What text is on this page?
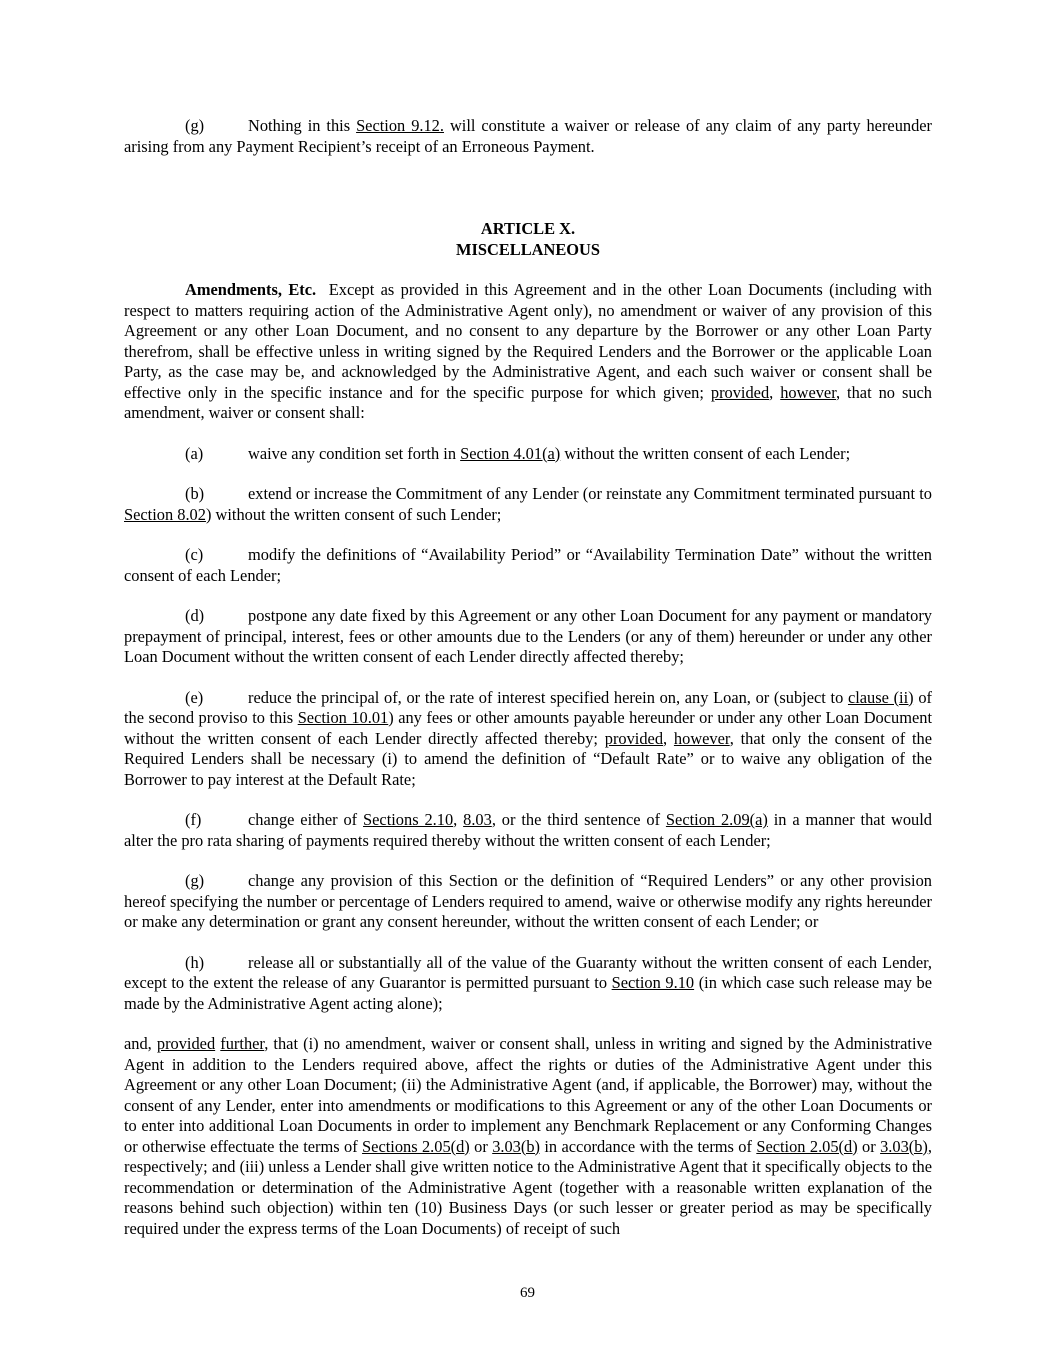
(g)	Nothing in this Section 9.12. will constitute a waiver or release of any claim of any party hereunder arising from any Payment Recipient’s receipt of an Erroneous Payment.

ARTICLE X.
MISCELLANEOUS

Amendments, Etc.  Except as provided in this Agreement and in the other Loan Documents (including with respect to matters requiring action of the Administrative Agent only), no amendment or waiver of any provision of this Agreement or any other Loan Document, and no consent to any departure by the Borrower or any other Loan Party therefrom, shall be effective unless in writing signed by the Required Lenders and the Borrower or the applicable Loan Party, as the case may be, and acknowledged by the Administrative Agent, and each such waiver or consent shall be effective only in the specific instance and for the specific purpose for which given; provided, however, that no such amendment, waiver or consent shall:

(a)	waive any condition set forth in Section 4.01(a) without the written consent of each Lender;

(b)	extend or increase the Commitment of any Lender (or reinstate any Commitment terminated pursuant to Section 8.02) without the written consent of such Lender;

(c)	modify the definitions of “Availability Period” or “Availability Termination Date” without the written consent of each Lender;

(d)	postpone any date fixed by this Agreement or any other Loan Document for any payment or mandatory prepayment of principal, interest, fees or other amounts due to the Lenders (or any of them) hereunder or under any other Loan Document without the written consent of each Lender directly affected thereby;

(e)	reduce the principal of, or the rate of interest specified herein on, any Loan, or (subject to clause (ii) of the second proviso to this Section 10.01) any fees or other amounts payable hereunder or under any other Loan Document without the written consent of each Lender directly affected thereby; provided, however, that only the consent of the Required Lenders shall be necessary (i) to amend the definition of “Default Rate” or to waive any obligation of the Borrower to pay interest at the Default Rate;

(f)	change either of Sections 2.10, 8.03, or the third sentence of Section 2.09(a) in a manner that would alter the pro rata sharing of payments required thereby without the written consent of each Lender;

(g)	change any provision of this Section or the definition of “Required Lenders” or any other provision hereof specifying the number or percentage of Lenders required to amend, waive or otherwise modify any rights hereunder or make any determination or grant any consent hereunder, without the written consent of each Lender; or

(h)	release all or substantially all of the value of the Guaranty without the written consent of each Lender, except to the extent the release of any Guarantor is permitted pursuant to Section 9.10 (in which case such release may be made by the Administrative Agent acting alone);

and, provided further, that (i) no amendment, waiver or consent shall, unless in writing and signed by the Administrative Agent in addition to the Lenders required above, affect the rights or duties of the Administrative Agent under this Agreement or any other Loan Document; (ii) the Administrative Agent (and, if applicable, the Borrower) may, without the consent of any Lender, enter into amendments or modifications to this Agreement or any of the other Loan Documents or to enter into additional Loan Documents in order to implement any Benchmark Replacement or any Conforming Changes or otherwise effectuate the terms of Sections 2.05(d) or 3.03(b) in accordance with the terms of Section 2.05(d) or 3.03(b), respectively; and (iii) unless a Lender shall give written notice to the Administrative Agent that it specifically objects to the recommendation or determination of the Administrative Agent (together with a reasonable written explanation of the reasons behind such objection) within ten (10) Business Days (or such lesser or greater period as may be specifically required under the express terms of the Loan Documents) of receipt of such

69
